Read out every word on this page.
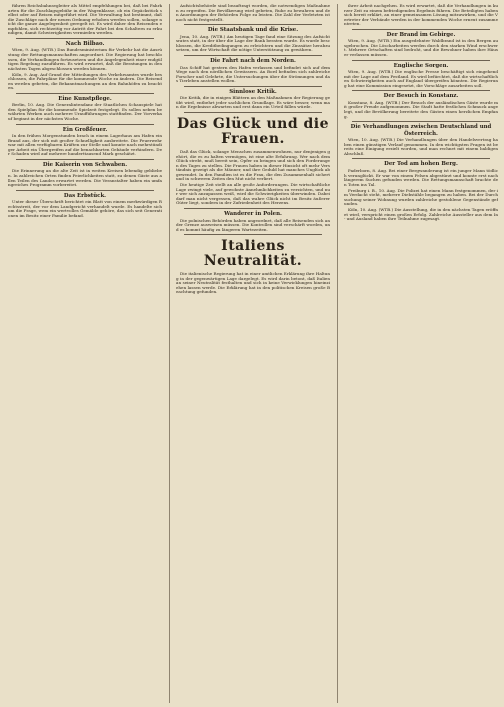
führen Reichsbahnsegleiter als Mittel empfehlungen bei, daß bei Fahrkarten für die Zuschlagsgebühr in der Wagenklasse, ob ein Gepäckstück selbst oder auf Reisen mitgeführt wird. Die Verwaltung hat bestimmt, daß die Zuschläge nach der neuen Ordnung erhoben werden sollen, solange nicht die ganze Angelegenheit geregelt ist. Es wird daher den Reisenden empfohlen, sich rechtzeitig vor Antritt der Fahrt bei den Schaltern zu erkundigen, damit Schwierigkeiten vermieden werden.

Nach Bilbao.

Wien, 9. Aug. (WTB.) Das Bundesministerium für Verkehr hat die Ausrüstung der Rettungsmannschaften angeordnet. Die Regierung hat beschlossen, die Verhandlungen fortzusetzen und die Angelegenheit einer endgültigen Regelung zuzuführen. Es wird erwartet, daß die Beratungen in den nächsten Tagen abgeschlossen werden können.

Köln, 9. Aug. Auf Grund der Mitteilungen des Verkehrsamtes wurde beschlossen, die Fahrpläne für die kommende Woche zu ändern. Die Reisenden werden gebeten, die Bekanntmachungen an den Bahnhöfen zu beachten.

Eine Kunstpflege.

Berlin, 10. Aug. Die Generalintendanz der Staatlichen Schauspiele hat den Spielplan für die kommende Spielzeit festgelegt. Es sollen neben bewährten Werken auch mehrere Uraufführungen stattfinden. Der Vorverkauf beginnt in der nächsten Woche.

Ein Großfeuer.

In den frühen Morgenstunden brach in einem Lagerhaus am Hafen ein Brand aus, der sich mit großer Schnelligkeit ausbreitete. Die Feuerwehr war mit allen verfügbaren Kräften zur Stelle und konnte nach mehrstündiger Arbeit ein Übergreifen auf die benachbarten Gebäude verhindern. Der Schaden wird auf mehrere hunderttausend Mark geschätzt.

Die Kaiserin von Schwaben.

Die Erinnerung an die alte Zeit ist in weiten Kreisen lebendig geblieben. In zahlreichen Orten finden Feierlichkeiten statt, zu denen Gäste aus allen Teilen des Landes erwartet werden. Die Veranstalter haben ein umfangreiches Programm vorbereitet.

Das Erbstück.

Unter dieser Überschrift berichtet ein Blatt von einem merkwürdigen Rechtsstreit, der vor dem Landgericht verhandelt wurde. Es handelte sich um die Frage, wem ein wertvolles Gemälde gehöre, das sich seit Generationen im Besitz einer Familie befand.

Aufsichtsbehörde sind beauftragt worden, die notwendigen Maßnahmen zu ergreifen. Die Bevölkerung wird gebeten, Ruhe zu bewahren und den Anordnungen der Behörden Folge zu leisten. Die Zahl der Verletzten ist noch nicht festgestellt.

Die Staatsbank und die Krise.

Jena, 10. Aug. (WTB.) Am heutigen Tage fand eine Sitzung des Aufsichtsrates statt, in der über die Lage der Bank beraten wurde. Es wurde beschlossen, die Kreditbedingungen zu erleichtern und die Zinssätze herabzusetzen, um der Wirtschaft die nötige Unterstützung zu gewähren.

Die Fahrt nach dem Norden.

Das Schiff hat gestern den Hafen verlassen und befindet sich auf dem Wege nach den nördlichen Gewässern. An Bord befinden sich zahlreiche Forscher und Gelehrte, die Untersuchungen über die Strömungen und das Tierleben anstellen wollen.

Sinnlose Kritik.

Die Kritik, die in einigen Blättern an den Maßnahmen der Regierung geübt wird, entbehrt jeder sachlichen Grundlage. Es wäre besser, wenn man die Ergebnisse abwarten und erst dann ein Urteil fällen würde.

Das Glück und die Frauen.

Daß das Glück, solange Menschen zusammenwohnen, nur denjenigen gehört, die es zu halten vermögen, ist eine alte Erfahrung. Wer nach dem Glück strebt, muß bereit sein, Opfer zu bringen und sich den Forderungen des Tages zu stellen. Die Frauen haben in dieser Hinsicht oft mehr Verständnis gezeigt als die Männer, und ihre Geduld hat manches Unglück abgewendet. In den Familien ist es die Frau, die den Zusammenhalt sichert und in schweren Zeiten den Mut nicht verliert.

Die heutige Zeit stellt an alle große Anforderungen. Die wirtschaftliche Lage zwingt viele, auf gewohnte Annehmlichkeiten zu verzichten, und nur wer sich anzupassen weiß, wird die Schwierigkeiten überwinden. Dabei darf man nicht vergessen, daß das wahre Glück nicht im Besitz äußerer Güter liegt, sondern in der Zufriedenheit des Herzens.

Wanderer in Polen.

Die polnischen Behörden haben angeordnet, daß alle Reisenden sich an der Grenze ausweisen müssen. Die Kontrollen sind verschärft worden, und es kommt häufig zu längeren Wartezeiten.

Italiens Neutralität.

Die italienische Regierung hat in einer amtlichen Erklärung ihre Haltung in der gegenwärtigen Lage dargelegt. Es wird darin betont, daß Italien an seiner Neutralität festhalten und sich in keine Verwicklungen hineinziehen lassen werde. Die Erklärung hat in den politischen Kreisen große Beachtung gefunden.

ihrer Arbeit nachgehen. Es wird erwartet, daß die Verhandlungen in kurzer Zeit zu einem befriedigenden Ergebnis führen. Die Beteiligten haben sich bereit erklärt, an einer gemeinsamen Lösung mitzuwirken, und die Vertreter der Verbände werden in der kommenden Woche erneut zusammentreten.

Der Brand im Gebirge.

Wien, 9. Aug. (WTB.) Ein ausgedehnter Waldbrand ist in den Bergen ausgebrochen. Die Löscharbeiten werden durch den starken Wind erschwert. Mehrere Ortschaften sind bedroht, und die Bewohner haben ihre Häuser verlassen müssen.

Englische Sorgen.

Wien, 9. Aug. (WTB.) Die englische Presse beschäftigt sich eingehend mit der Lage auf dem Festland. Es wird befürchtet, daß die wirtschaftlichen Schwierigkeiten auch auf England übergreifen könnten. Die Regierung hat eine Kommission eingesetzt, die Vorschläge ausarbeiten soll.

Der Besuch in Konstanz.

Konstanz, 8. Aug. (WTB.) Der Besuch der ausländischen Gäste wurde mit großer Freude aufgenommen. Die Stadt hatte festlichen Schmuck angelegt, und die Bevölkerung bereitete den Gästen einen herzlichen Empfang.

Die Verhandlungen zwischen Deutschland und Österreich.

Wien, 10. Aug. (WTB.) Die Verhandlungen über den Handelsvertrag haben einen günstigen Verlauf genommen. In den wichtigsten Fragen ist bereits eine Einigung erzielt worden, und man rechnet mit einem baldigen Abschluß.

Der Tod am hohen Berg.

Paderborn, 8. Aug. Bei einer Bergwanderung ist ein junger Mann tödlich verunglückt. Er war von einem Felsen abgestürzt und konnte erst nach längerem Suchen gefunden werden. Die Rettungsmannschaft brachte den Toten ins Tal.

Freiburg i. B., 10. Aug. Die Polizei hat einen Mann festgenommen, der im Verdacht steht, mehrere Diebstähle begangen zu haben. Bei der Durchsuchung seiner Wohnung wurden zahlreiche gestohlene Gegenstände gefunden.

Köln, 10. Aug. (WTB.) Die Ausstellung, die in den nächsten Tagen eröffnet wird, verspricht einen großen Erfolg. Zahlreiche Aussteller aus dem In- und Ausland haben ihre Teilnahme zugesagt.
